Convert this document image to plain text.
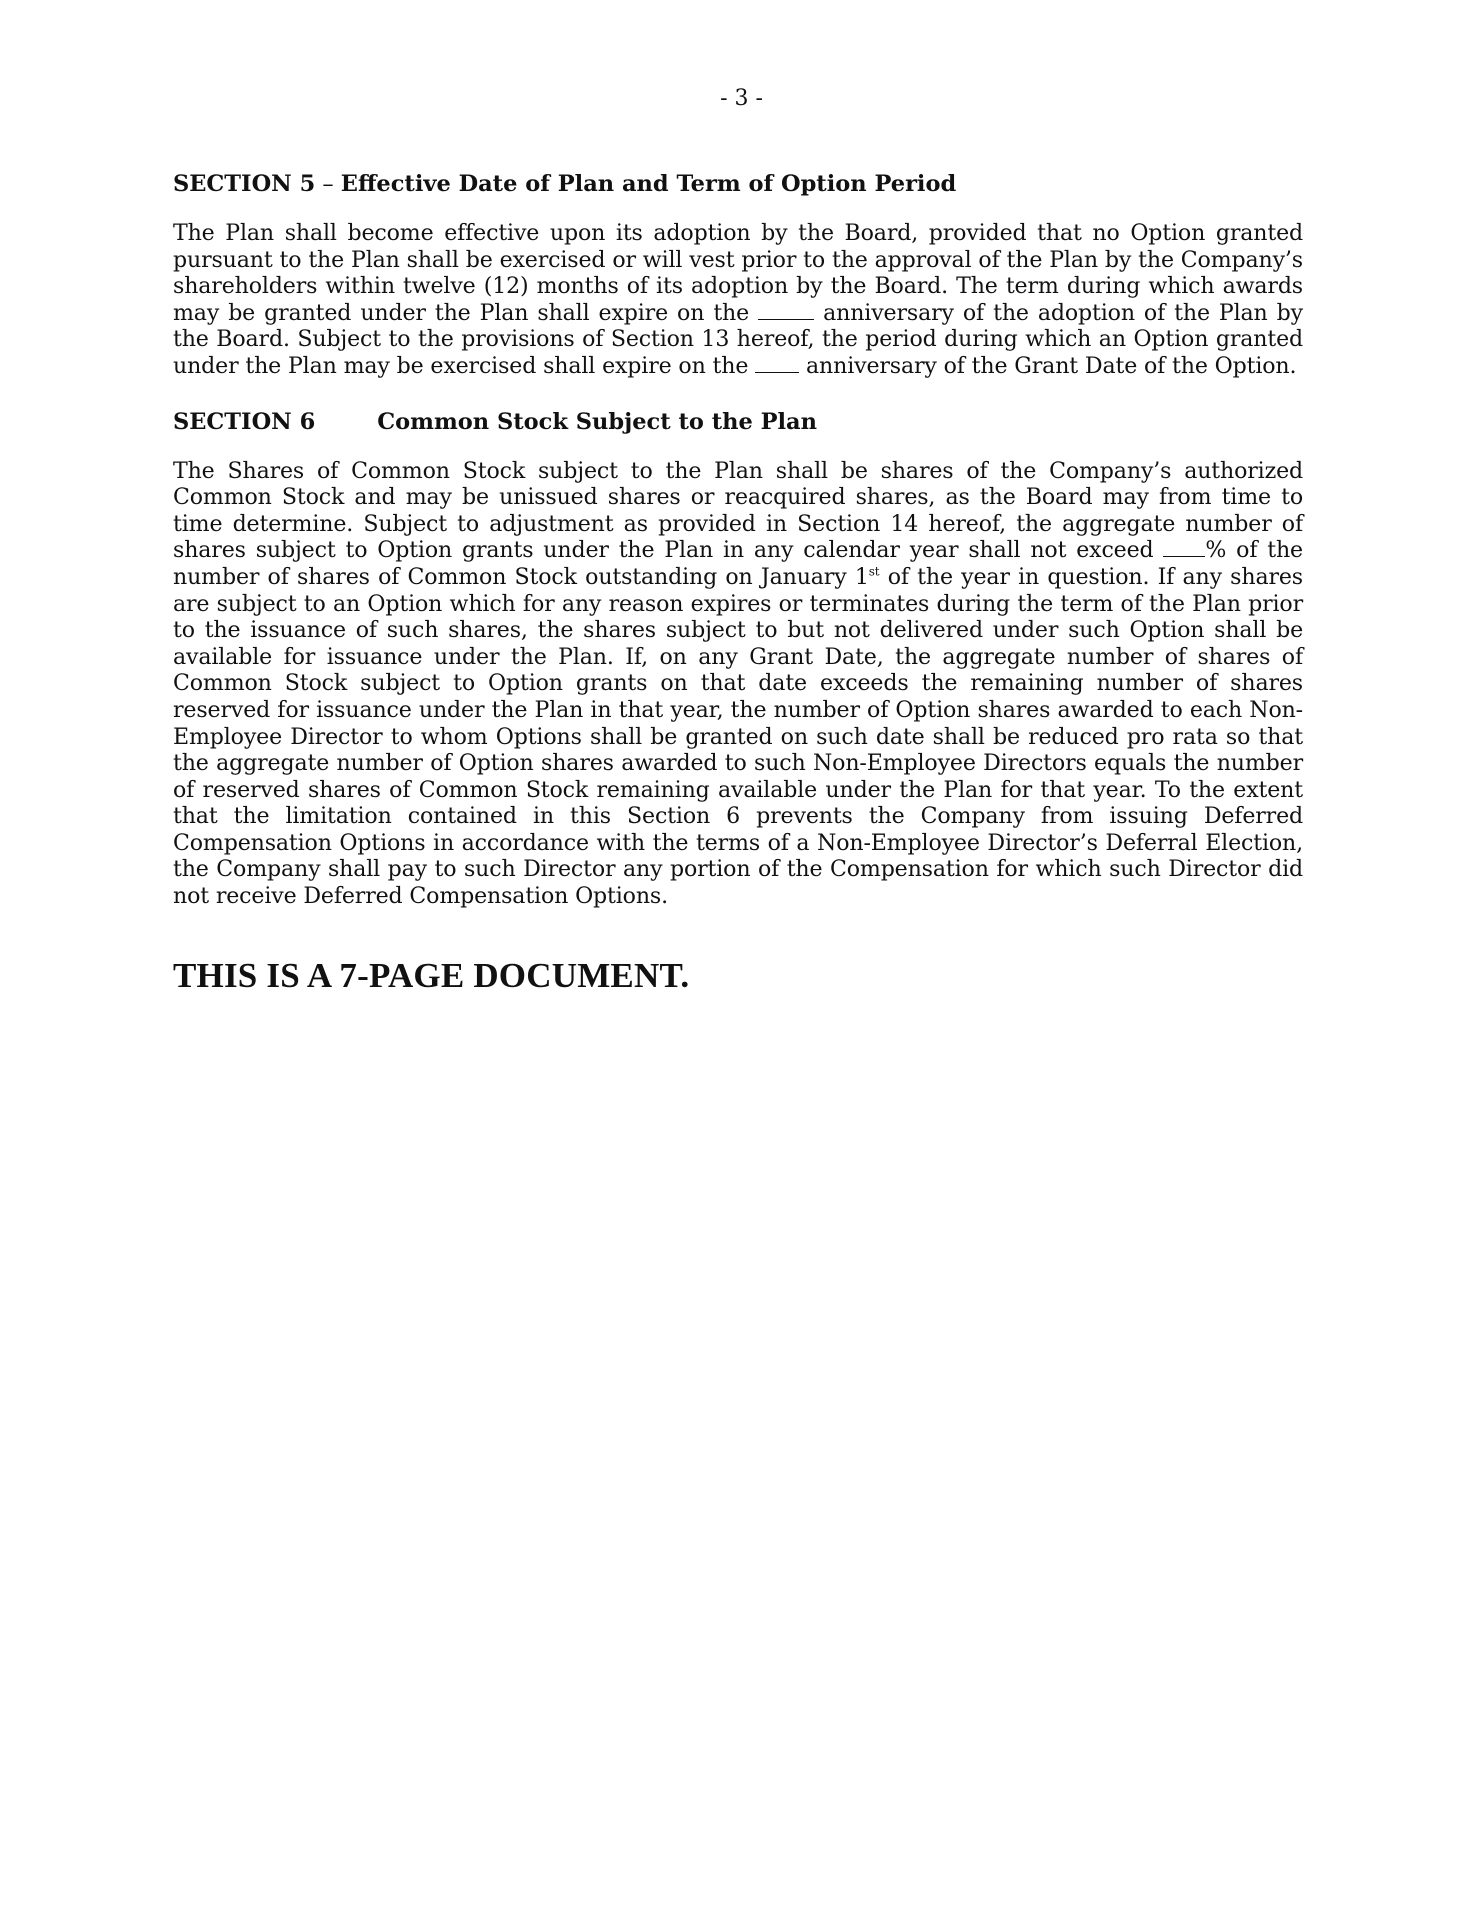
- 3 -
SECTION 5 – Effective Date of Plan and Term of Option Period

The Plan shall become effective upon its adoption by the Board, provided that no Option granted pursuant to the Plan shall be exercised or will vest prior to the approval of the Plan by the Company’s shareholders within twelve (12) months of its adoption by the Board. The term during which awards may be granted under the Plan shall expire on the	anniversary of the adoption of the Plan by the Board. Subject to the provisions of Section 13 hereof, the period during which an Option granted under the Plan may be exercised shall expire on the  anniversary of the Grant Date of the Option.

SECTION 6	Common Stock Subject to the Plan

The Shares of Common Stock subject to the Plan shall be shares of the Company’s authorized Common Stock and may be unissued shares or reacquired shares, as the Board may from time to time determine. Subject to adjustment as provided in Section 14 hereof, the aggregate number of shares subject to Option grants under the Plan in any calendar year shall not exceed % of the number of shares of Common Stock outstanding on January 1st of the year in question. If any shares are subject to an Option which for any reason expires or terminates during the term of the Plan prior to the issuance of such shares, the shares subject to but not delivered under such Option shall be available for issuance under the Plan. If, on any Grant Date, the aggregate number of shares of Common Stock subject to Option grants on that date exceeds the remaining number of shares reserved for issuance under the Plan in that year, the number of Option shares awarded to each Non-Employee Director to whom Options shall be granted on such date shall be reduced pro rata so that the aggregate number of Option shares awarded to such Non-Employee Directors equals the number of reserved shares of Common Stock remaining available under the Plan for that year. To the extent that the limitation contained in this Section 6 prevents the Company from issuing Deferred Compensation Options in accordance with the terms of a Non-Employee Director’s Deferral Election, the Company shall pay to such Director any portion of the Compensation for which such Director did not receive Deferred Compensation Options.

THIS IS A 7-PAGE DOCUMENT.
